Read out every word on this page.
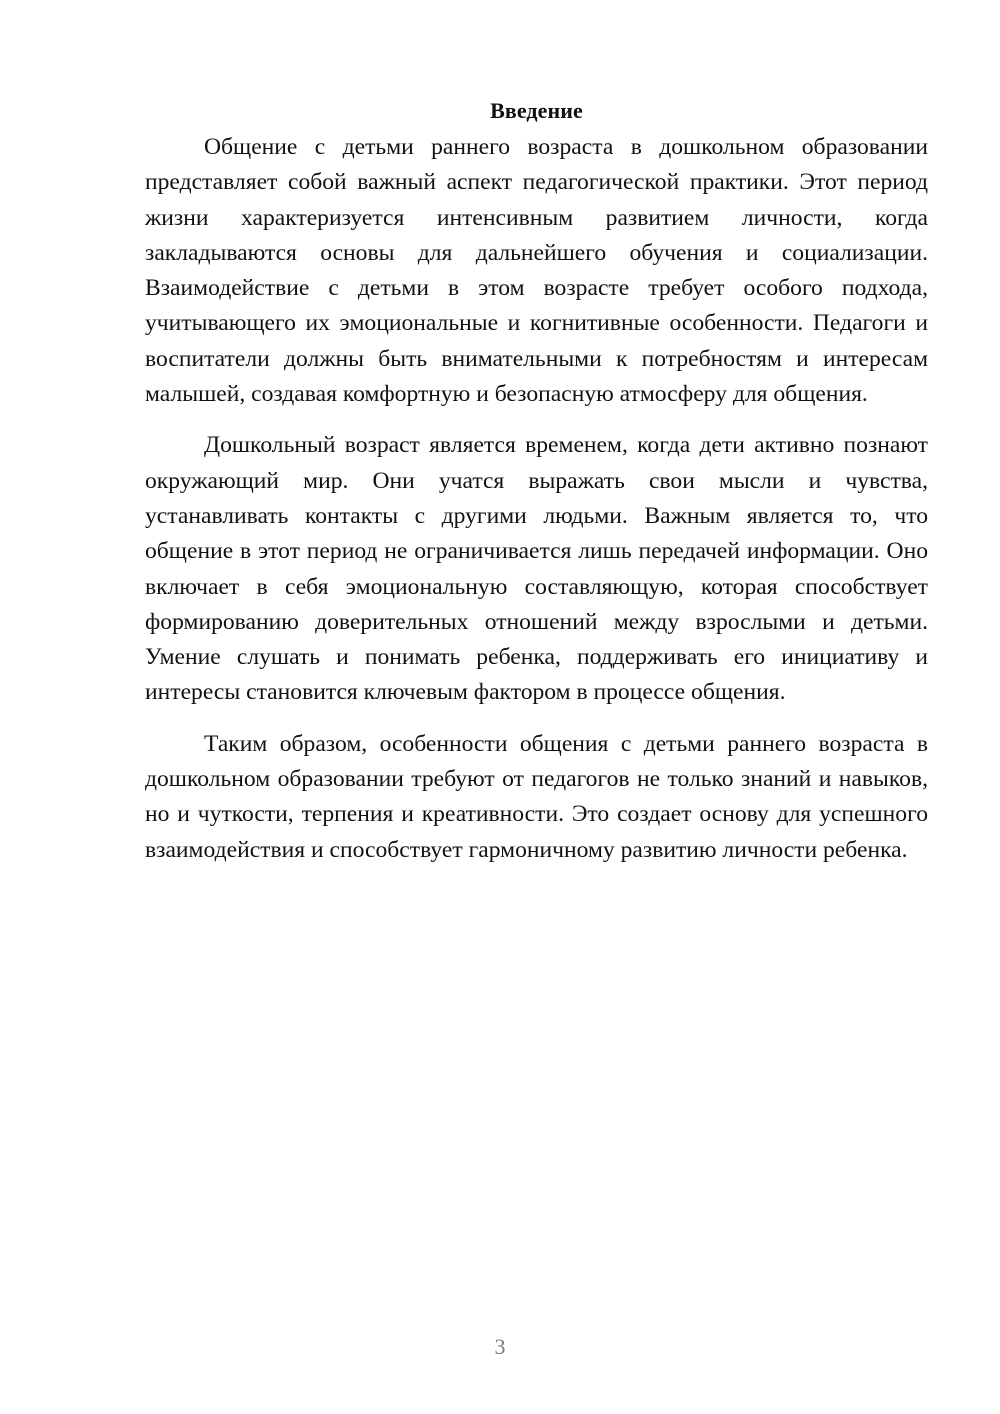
Введение

Общение с детьми раннего возраста в дошкольном образовании представляет собой важный аспект педагогической практики. Этот период жизни характеризуется интенсивным развитием личности, когда закладываются основы для дальнейшего обучения и социализации. Взаимодействие с детьми в этом возрасте требует особого подхода, учитывающего их эмоциональные и когнитивные особенности. Педагоги и воспитатели должны быть внимательными к потребностям и интересам малышей, создавая комфортную и безопасную атмосферу для общения.

Дошкольный возраст является временем, когда дети активно познают окружающий мир. Они учатся выражать свои мысли и чувства, устанавливать контакты с другими людьми. Важным является то, что общение в этот период не ограничивается лишь передачей информации. Оно включает в себя эмоциональную составляющую, которая способствует формированию доверительных отношений между взрослыми и детьми. Умение слушать и понимать ребенка, поддерживать его инициативу и интересы становится ключевым фактором в процессе общения.

Таким образом, особенности общения с детьми раннего возраста в дошкольном образовании требуют от педагогов не только знаний и навыков, но и чуткости, терпения и креативности. Это создает основу для успешного взаимодействия и способствует гармоничному развитию личности ребенка.

3
